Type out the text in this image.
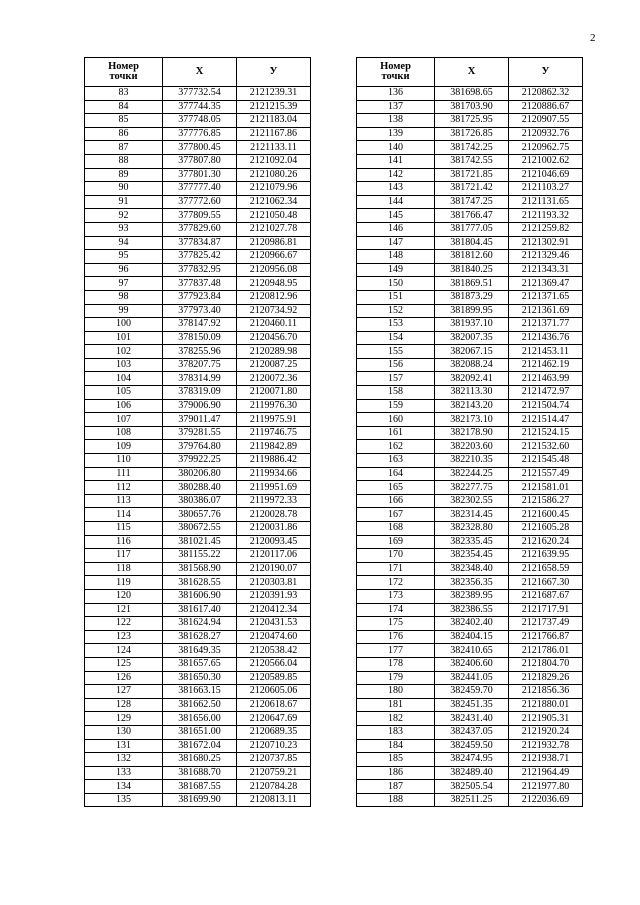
2
Номер
точки	Х	У
83	377732.54	2121239.31
84	377744.35	2121215.39
85	377748.05	2121183.04
86	377776.85	2121167.86
87	377800.45	2121133.11
88	377807.80	2121092.04
89	377801.30	2121080.26
90	377777.40	2121079.96
91	377772.60	2121062.34
92	377809.55	2121050.48
93	377829.60	2121027.78
94	377834.87	2120986.81
95	377825.42	2120966.67
96	377832.95	2120956.08
97	377837.48	2120948.95
98	377923.84	2120812.96
99	377973.40	2120734.92
100	378147.92	2120460.11
101	378150.09	2120456.70
102	378255.96	2120289.98
103	378207.75	2120087.25
104	378314.99	2120072.36
105	378319.09	2120071.80
106	379006.90	2119976.30
107	379011.47	2119975.91
108	379281.55	2119746.75
109	379764.80	2119842.89
110	379922.25	2119886.42
111	380206.80	2119934.66
112	380288.40	2119951.69
113	380386.07	2119972.33
114	380657.76	2120028.78
115	380672.55	2120031.86
116	381021.45	2120093.45
117	381155.22	2120117.06
118	381568.90	2120190.07
119	381628.55	2120303.81
120	381606.90	2120391.93
121	381617.40	2120412.34
122	381624.94	2120431.53
123	381628.27	2120474.60
124	381649.35	2120538.42
125	381657.65	2120566.04
126	381650.30	2120589.85
127	381663.15	2120605.06
128	381662.50	2120618.67
129	381656.00	2120647.69
130	381651.00	2120689.35
131	381672.04	2120710.23
132	381680.25	2120737.85
133	381688.70	2120759.21
134	381687.55	2120784.28
135	381699.90	2120813.11
Номер
точки	Х	У
136	381698.65	2120862.32
137	381703.90	2120886.67
138	381725.95	2120907.55
139	381726.85	2120932.76
140	381742.25	2120962.75
141	381742.55	2121002.62
142	381721.85	2121046.69
143	381721.42	2121103.27
144	381747.25	2121131.65
145	381766.47	2121193.32
146	381777.05	2121259.82
147	381804.45	2121302.91
148	381812.60	2121329.46
149	381840.25	2121343.31
150	381869.51	2121369.47
151	381873.29	2121371.65
152	381899.95	2121361.69
153	381937.10	2121371.77
154	382007.35	2121436.76
155	382067.15	2121453.11
156	382088.24	2121462.19
157	382092.41	2121463.99
158	382113.30	2121472.97
159	382143.20	2121504.74
160	382173.10	2121514.47
161	382178.90	2121524.15
162	382203.60	2121532.60
163	382210.35	2121545.48
164	382244.25	2121557.49
165	382277.75	2121581.01
166	382302.55	2121586.27
167	382314.45	2121600.45
168	382328.80	2121605.28
169	382335.45	2121620.24
170	382354.45	2121639.95
171	382348.40	2121658.59
172	382356.35	2121667.30
173	382389.95	2121687.67
174	382386.55	2121717.91
175	382402.40	2121737.49
176	382404.15	2121766.87
177	382410.65	2121786.01
178	382406.60	2121804.70
179	382441.05	2121829.26
180	382459.70	2121856.36
181	382451.35	2121880.01
182	382431.40	2121905.31
183	382437.05	2121920.24
184	382459.50	2121932.78
185	382474.95	2121938.71
186	382489.40	2121964.49
187	382505.54	2121977.80
188	382511.25	2122036.69
